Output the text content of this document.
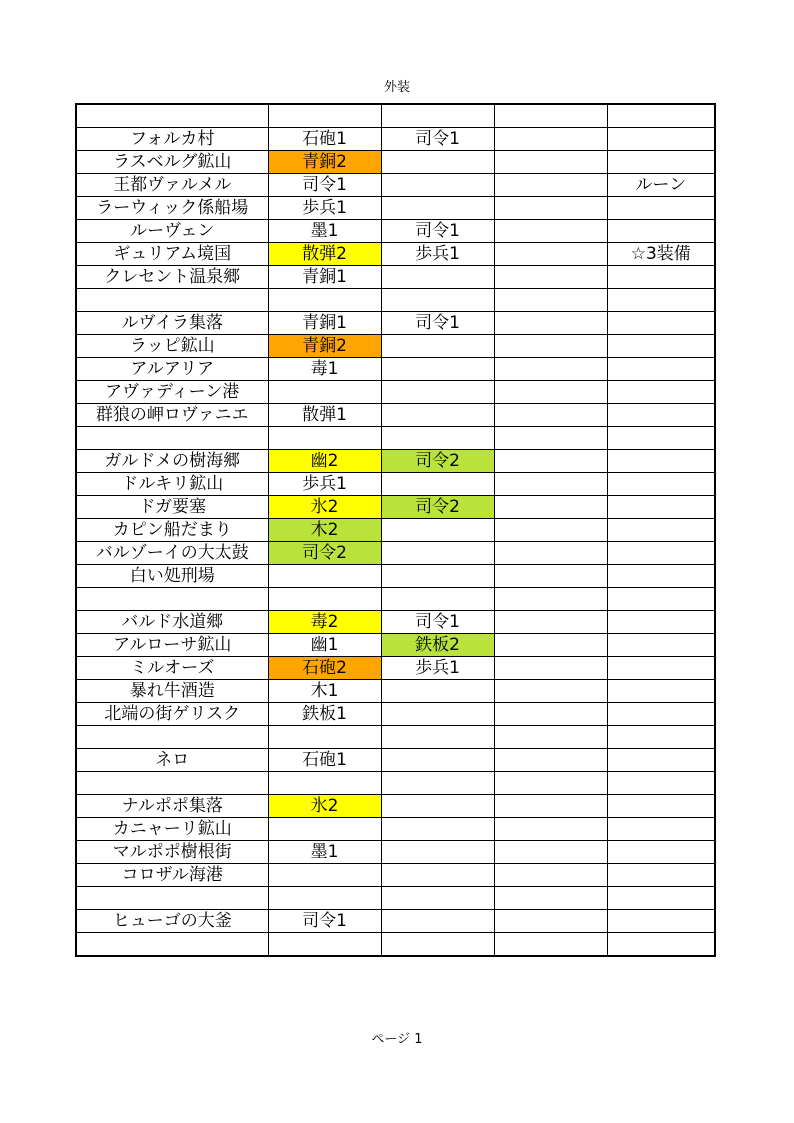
外装

フォルカ村	石砲1	司令1		
ラスベルグ鉱山	青銅2			
王都ヴァルメル	司令1			ルーン
ラーウィック係船場	歩兵1			
ルーヴェン	墨1	司令1		
ギュリアム境国	散弾2	歩兵1		☆3装備
クレセント温泉郷	青銅1			

ルヴイラ集落	青銅1	司令1		
ラッピ鉱山	青銅2			
アルアリア	毒1			
アヴァディーン港				
群狼の岬ロヴァニエ	散弾1			

ガルドメの樹海郷	幽2	司令2		
ドルキリ鉱山	歩兵1			
ドガ要塞	氷2	司令2		
カピン船だまり	木2			
バルゾーイの大太鼓	司令2			
白い処刑場				

バルド水道郷	毒2	司令1		
アルローサ鉱山	幽1	鉄板2		
ミルオーズ	石砲2	歩兵1		
暴れ牛酒造	木1			
北端の街ゲリスク	鉄板1			

ネロ	石砲1			

ナルポポ集落	氷2			
カニャーリ鉱山				
マルポポ樹根街	墨1			
コロザル海港				

ヒューゴの大釜	司令1			

ページ 1
